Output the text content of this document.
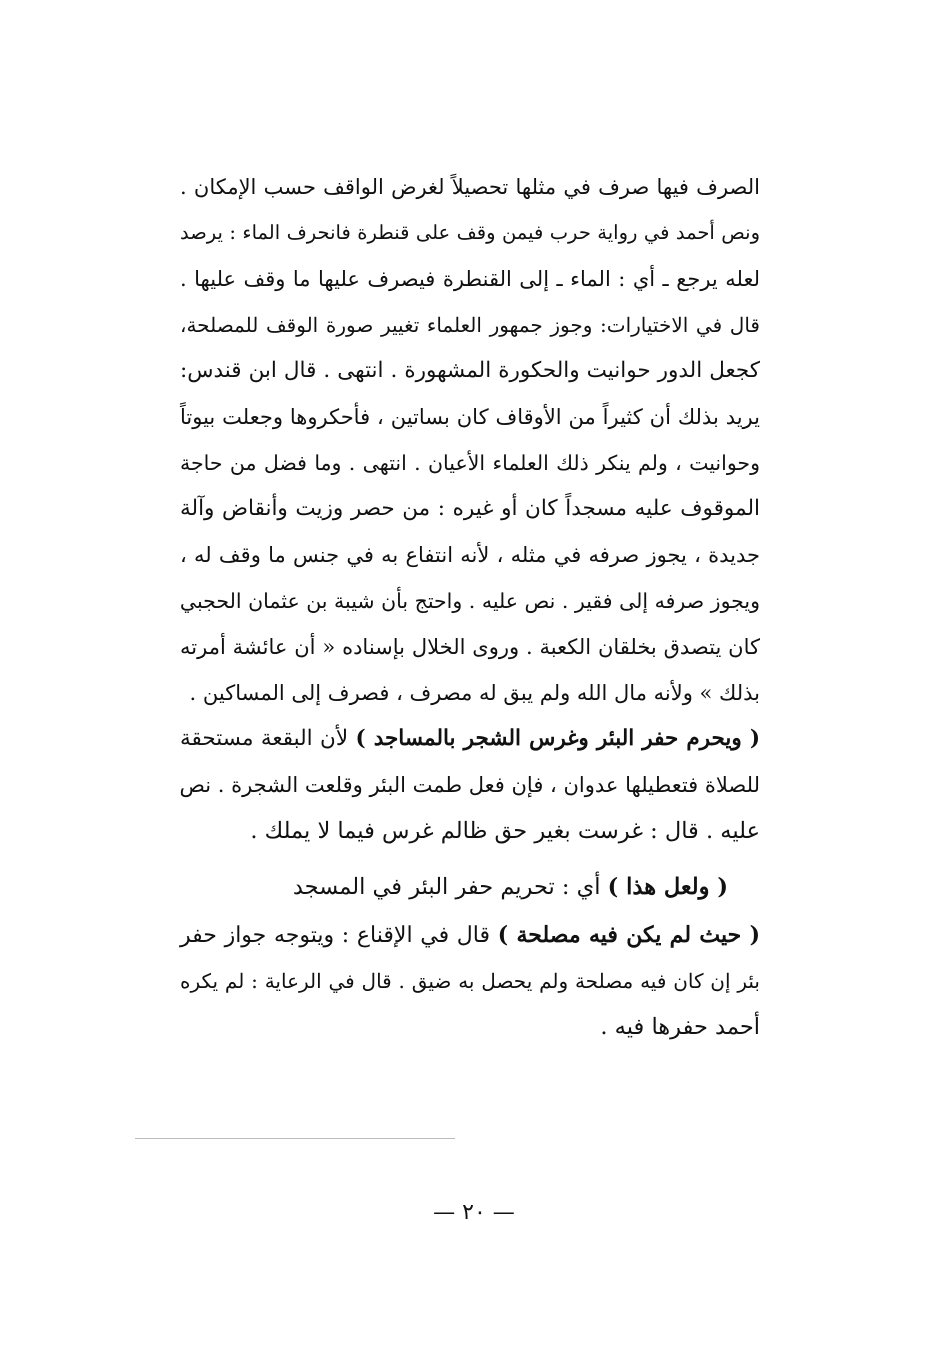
الصرف فيها صرف في مثلها تحصيلاً لغرض الواقف حسب الإمكان .
ونص أحمد في رواية حرب فيمن وقف على قنطرة فانحرف الماء : يرصد
لعله يرجع ـ أي : الماء ـ إلى القنطرة فيصرف عليها ما وقف عليها .
قال في الاختيارات: وجوز جمهور العلماء تغيير صورة الوقف للمصلحة،
كجعل الدور حوانيت والحكورة المشهورة . انتهى . قال ابن قندس:
يريد بذلك أن كثيراً من الأوقاف كان بساتين ، فأحكروها وجعلت بيوتاً
وحوانيت ، ولم ينكر ذلك العلماء الأعيان . انتهى . وما فضل من حاجة
الموقوف عليه مسجداً كان أو غيره : من حصر وزيت وأنقاض وآلة
جديدة ، يجوز صرفه في مثله ، لأنه انتفاع به في جنس ما وقف له ،
ويجوز صرفه إلى فقير . نص عليه . واحتج بأن شيبة بن عثمان الحجبي
كان يتصدق بخلقان الكعبة . وروى الخلال بإسناده « أن عائشة أمرته
بذلك » ولأنه مال الله ولم يبق له مصرف ، فصرف إلى المساكين .
( ويحرم حفر البئر وغرس الشجر بالمساجد ) لأن البقعة مستحقة
للصلاة فتعطيلها عدوان ، فإن فعل طمت البئر وقلعت الشجرة . نص
عليه . قال : غرست بغير حق ظالم غرس فيما لا يملك .
( ولعل هذا ) أي : تحريم حفر البئر في المسجد
( حيث لم يكن فيه مصلحة ) قال في الإقناع : ويتوجه جواز حفر
بئر إن كان فيه مصلحة ولم يحصل به ضيق . قال في الرعاية : لم يكره
أحمد حفرها فيه .
— ٢٠ —
